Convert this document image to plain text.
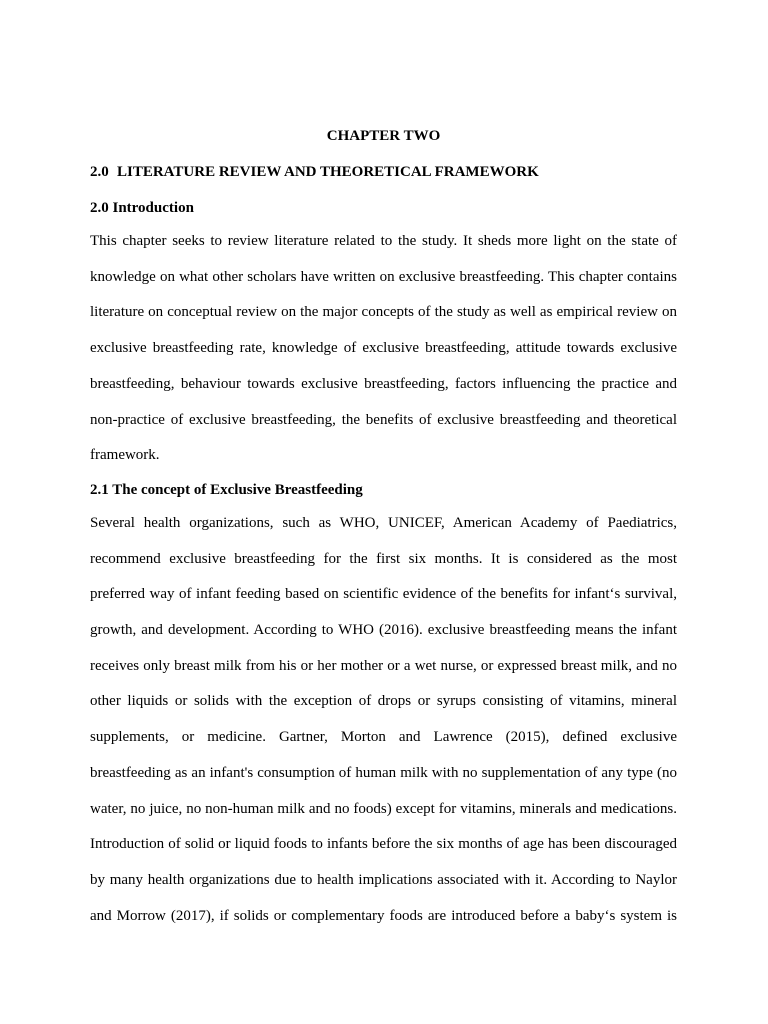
CHAPTER TWO
2.0 LITERATURE REVIEW AND THEORETICAL FRAMEWORK
2.0 Introduction
This chapter seeks to review literature related to the study. It sheds more light on the state of
knowledge on what other scholars have written on exclusive breastfeeding. This chapter contains
literature on conceptual review on the major concepts of the study as well as empirical review on
exclusive breastfeeding rate, knowledge of exclusive breastfeeding, attitude towards exclusive
breastfeeding, behaviour towards exclusive breastfeeding, factors influencing the practice and
non-practice of exclusive breastfeeding, the benefits of exclusive breastfeeding and theoretical
framework.
2.1 The concept of Exclusive Breastfeeding
Several health organizations, such as WHO, UNICEF, American Academy of Paediatrics,
recommend exclusive breastfeeding for the first six months. It is considered as the most
preferred way of infant feeding based on scientific evidence of the benefits for infant‘s survival,
growth, and development. According to WHO (2016). exclusive breastfeeding means the infant
receives only breast milk from his or her mother or a wet nurse, or expressed breast milk, and no
other liquids or solids with the exception of drops or syrups consisting of vitamins, mineral
supplements, or medicine. Gartner, Morton and Lawrence (2015), defined exclusive
breastfeeding as an infant's consumption of human milk with no supplementation of any type (no
water, no juice, no non-human milk and no foods) except for vitamins, minerals and medications.
Introduction of solid or liquid foods to infants before the six months of age has been discouraged
by many health organizations due to health implications associated with it. According to Naylor
and Morrow (2017), if solids or complementary foods are introduced before a baby‘s system is
